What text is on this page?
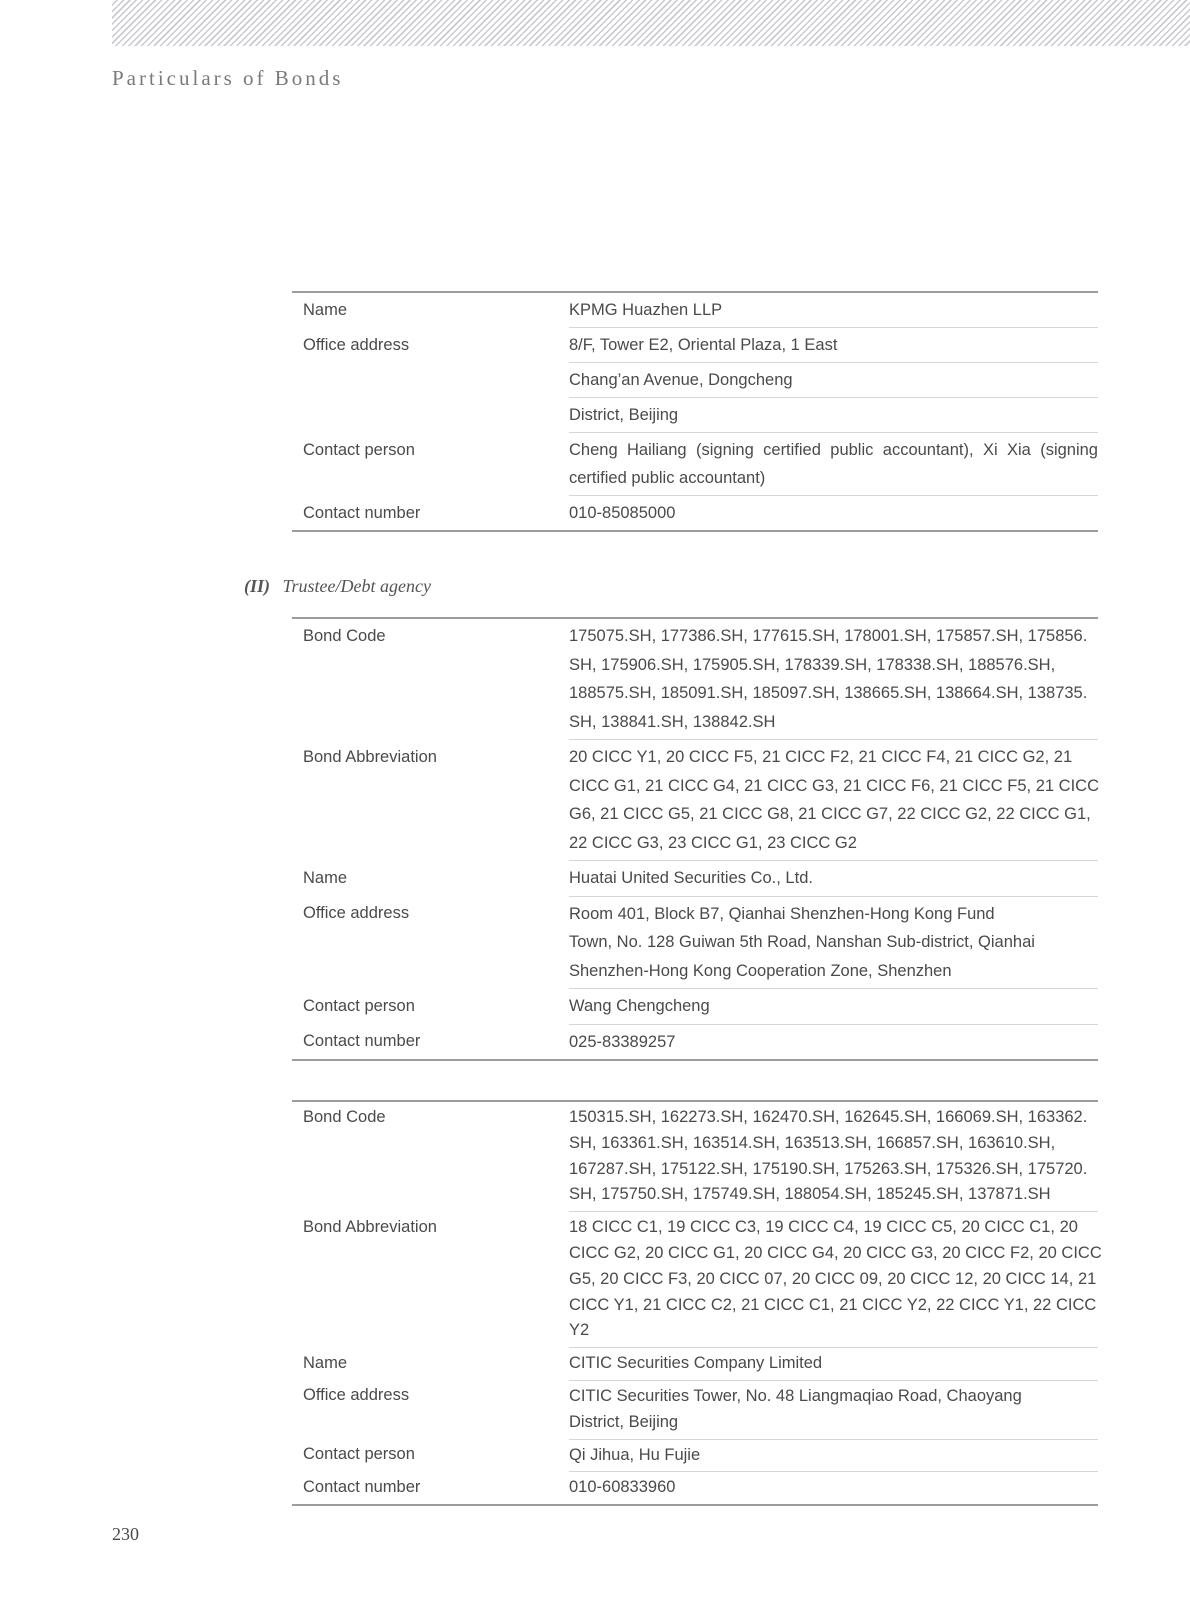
Particulars of Bonds
Name	KPMG Huazhen LLP

Office address	8/F, Tower E2, Oriental Plaza, 1 East

	Chang’an Avenue, Dongcheng

	District, Beijing

Contact person	Cheng Hailiang (signing certified public accountant), Xi Xia (signing certified public accountant)
Contact number	010-85085000
(II) Trustee/Debt agency
Bond Code	175075.SH, 177386.SH, 177615.SH, 178001.SH, 175857.SH, 175856.
SH, 175906.SH, 175905.SH, 178339.SH, 178338.SH, 188576.SH,
188575.SH, 185091.SH, 185097.SH, 138665.SH, 138664.SH, 138735.
SH, 138841.SH, 138842.SH

Bond Abbreviation	20 CICC Y1, 20 CICC F5, 21 CICC F2, 21 CICC F4, 21 CICC G2, 21
CICC G1, 21 CICC G4, 21 CICC G3, 21 CICC F6, 21 CICC F5, 21 CICC
G6, 21 CICC G5, 21 CICC G8, 21 CICC G7, 22 CICC G2, 22 CICC G1,
22 CICC G3, 23 CICC G1, 23 CICC G2

Name	Huatai United Securities Co., Ltd.

Office address	Room 401, Block B7, Qianhai Shenzhen-Hong Kong Fund
Town, No. 128 Guiwan 5th Road, Nanshan Sub-district, Qianhai
Shenzhen-Hong Kong Cooperation Zone, Shenzhen

Contact person	Wang Chengcheng

Contact number	025-83389257
Bond Code	150315.SH, 162273.SH, 162470.SH, 162645.SH, 166069.SH, 163362.
SH, 163361.SH, 163514.SH, 163513.SH, 166857.SH, 163610.SH,
167287.SH, 175122.SH, 175190.SH, 175263.SH, 175326.SH, 175720.
SH, 175750.SH, 175749.SH, 188054.SH, 185245.SH, 137871.SH

Bond Abbreviation	18 CICC C1, 19 CICC C3, 19 CICC C4, 19 CICC C5, 20 CICC C1, 20
CICC G2, 20 CICC G1, 20 CICC G4, 20 CICC G3, 20 CICC F2, 20 CICC
G5, 20 CICC F3, 20 CICC 07, 20 CICC 09, 20 CICC 12, 20 CICC 14, 21
CICC Y1, 21 CICC C2, 21 CICC C1, 21 CICC Y2, 22 CICC Y1, 22 CICC
Y2

Name	CITIC Securities Company Limited

Office address	CITIC Securities Tower, No. 48 Liangmaqiao Road, Chaoyang
District, Beijing

Contact person	Qi Jihua, Hu Fujie

Contact number	010-60833960
230
